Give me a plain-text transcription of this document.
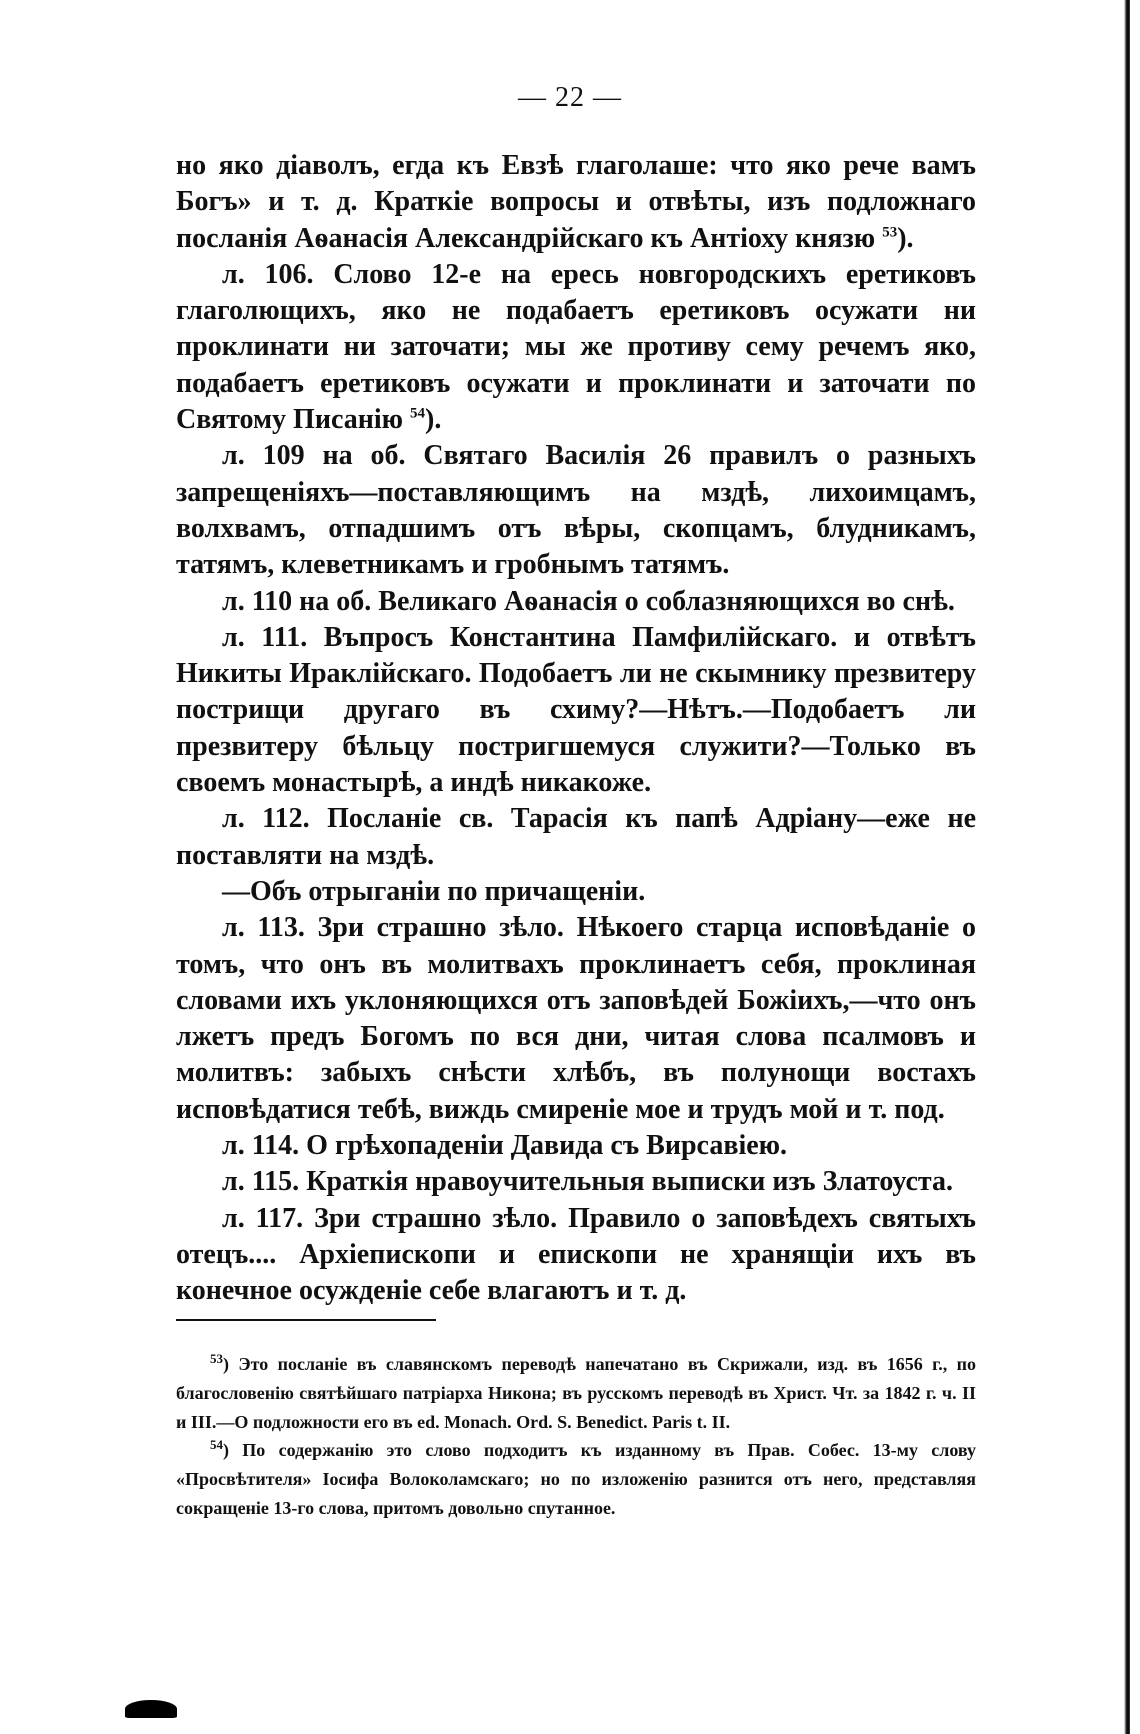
— 22 —

но яко діаволъ, егда къ Евзѣ глаголаше: что яко рече вамъ Богъ» и т. д. Краткіе вопросы и отвѣты, изъ подложнаго посланія Аѳанасія Александрійскаго къ Антіоху князю $^{53}$).

л. 106. Слово 12-е на ересь новгородскихъ еретиковъ глаголющихъ, яко не подабаетъ еретиковъ осужати ни проклинати ни заточати; мы же противу сему речемъ яко, подабаетъ еретиковъ осужати и проклинати и заточати по Святому Писанію $^{54}$).

л. 109 на об. Святаго Василія 26 правилъ о разныхъ запрещеніяхъ—поставляющимъ на мздѣ, лихоимцамъ, волхвамъ, отпадшимъ отъ вѣры, скопцамъ, блудникамъ, татямъ, клеветникамъ и гробнымъ татямъ.

л. 110 на об. Великаго Аѳанасія о соблазняющихся во снѣ.

л. 111. Въпросъ Константина Памфилійскаго. и отвѣтъ Никиты Ираклійскаго. Подобаетъ ли не скымнику презвитеру пострищи другаго въ схиму?—Нѣтъ.—Подобаетъ ли презвитеру бѣльцу постригшемуся служити?—Только въ своемъ монастырѣ, а индѣ никакоже.

л. 112. Посланіе св. Тарасія къ папѣ Адріану—еже не поставляти на мздѣ.

—Объ отрыганіи по причащеніи.

л. 113. Зри страшно зѣло. Нѣкоего старца исповѣданіе о томъ, что онъ въ молитвахъ проклинаетъ себя, проклиная словами ихъ уклоняющихся отъ заповѣдей Божіихъ,—что онъ лжетъ предъ Богомъ по вся дни, читая слова псалмовъ и молитвъ: забыхъ снѣсти хлѣбъ, въ полунощи востахъ исповѣдатися тебѣ, виждь смиреніе мое и трудъ мой и т. под.

л. 114. О грѣхопаденіи Давида съ Вирсавіею.

л. 115. Краткія нравоучительныя выписки изъ Златоуста.

л. 117. Зри страшно зѣло. Правило о заповѣдехъ святыхъ отецъ.... Архіепископи и епископи не хранящіи ихъ въ конечное осужденіе себе влагаютъ и т. д.

$^{53}$) Это посланіе въ славянскомъ переводѣ напечатано въ Скрижали, изд. въ 1656 г., по благословенію святѣйшаго патріарха Никона; въ русскомъ переводѣ въ Христ. Чт. за 1842 г. ч. II и III.—О подложности его въ ed. Monach. Ord. S. Benedict. Paris t. II.

$^{54}$) По содержанію это слово подходитъ къ изданному въ Прав. Собес. 13-му слову «Просвѣтителя» Іосифа Волоколамскаго; но по изложенію разнится отъ него, представляя сокращеніе 13-го слова, притомъ довольно спутанное.
